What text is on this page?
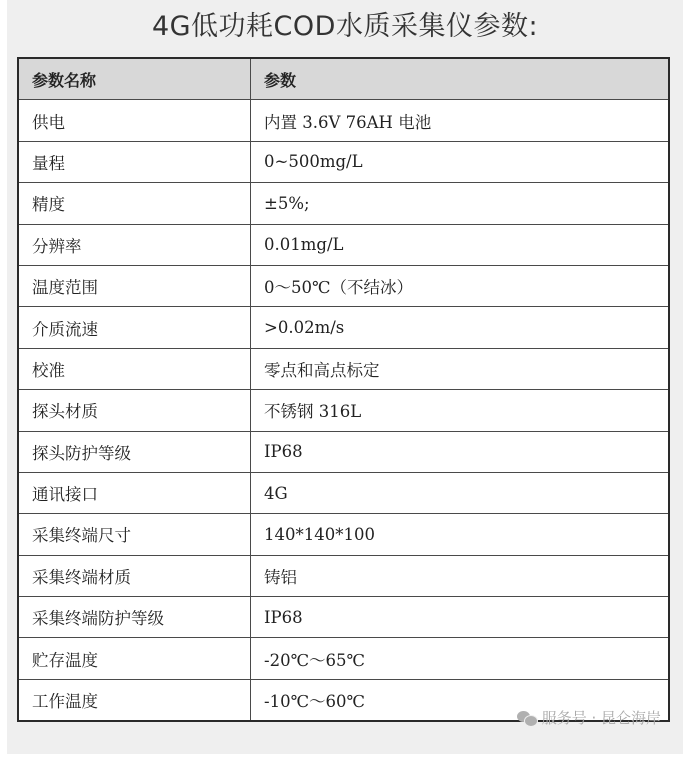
4G低功耗COD水质采集仪参数:
参数名称	参数
供电	内置 3.6V 76AH 电池
量程	0~500mg/L
精度	±5%;
分辨率	0.01mg/L
温度范围	0～50℃（不结冰）
介质流速	>0.02m/s
校准	零点和高点标定
探头材质	不锈钢 316L
探头防护等级	IP68
通讯接口	4G
采集终端尺寸	140*140*100
采集终端材质	铸铝
采集终端防护等级	IP68
贮存温度	-20℃～65℃
工作温度	-10℃～60℃
服务号 · 昆仑海岸
